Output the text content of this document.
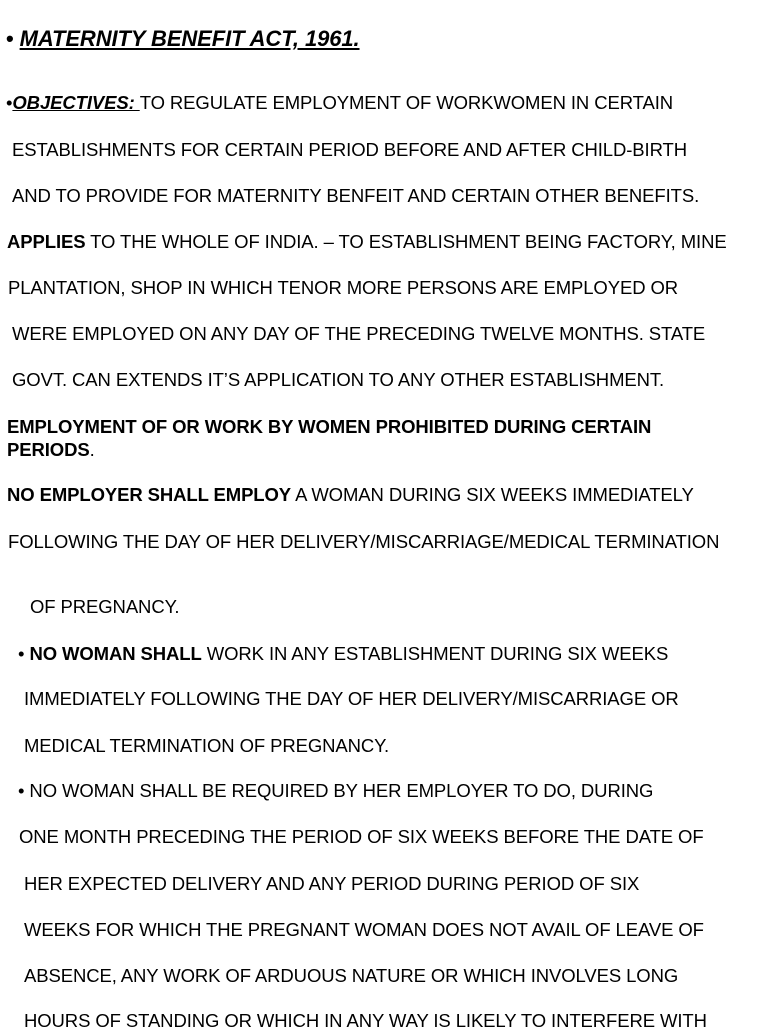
• MATERNITY BENEFIT ACT, 1961.
•OBJECTIVES: TO REGULATE EMPLOYMENT OF WORKWOMEN IN CERTAIN
ESTABLISHMENTS FOR CERTAIN PERIOD BEFORE AND AFTER CHILD-BIRTH
AND TO PROVIDE FOR MATERNITY BENFEIT AND CERTAIN OTHER BENEFITS.
APPLIES TO THE WHOLE OF INDIA. – TO ESTABLISHMENT BEING FACTORY, MINE
PLANTATION, SHOP IN WHICH TENOR MORE PERSONS ARE EMPLOYED OR
WERE EMPLOYED ON ANY DAY OF THE PRECEDING TWELVE MONTHS. STATE
GOVT. CAN EXTENDS IT’S APPLICATION TO ANY OTHER ESTABLISHMENT.
EMPLOYMENT OF OR WORK BY WOMEN PROHIBITED DURING CERTAIN
PERIODS.
NO EMPLOYER SHALL EMPLOY A WOMAN DURING SIX WEEKS IMMEDIATELY
FOLLOWING THE DAY OF HER DELIVERY/MISCARRIAGE/MEDICAL TERMINATION
OF PREGNANCY.
• NO WOMAN SHALL WORK IN ANY ESTABLISHMENT DURING SIX WEEKS
IMMEDIATELY FOLLOWING THE DAY OF HER DELIVERY/MISCARRIAGE OR
MEDICAL TERMINATION OF PREGNANCY.
• NO WOMAN SHALL BE REQUIRED BY HER EMPLOYER TO DO, DURING
ONE MONTH PRECEDING THE PERIOD OF SIX WEEKS BEFORE THE DATE OF
HER EXPECTED DELIVERY AND ANY PERIOD DURING PERIOD OF SIX
WEEKS FOR WHICH THE PREGNANT WOMAN DOES NOT AVAIL OF LEAVE OF
ABSENCE, ANY WORK OF ARDUOUS NATURE OR WHICH INVOLVES LONG
HOURS OF STANDING OR WHICH IN ANY WAY IS LIKELY TO INTERFERE WITH
